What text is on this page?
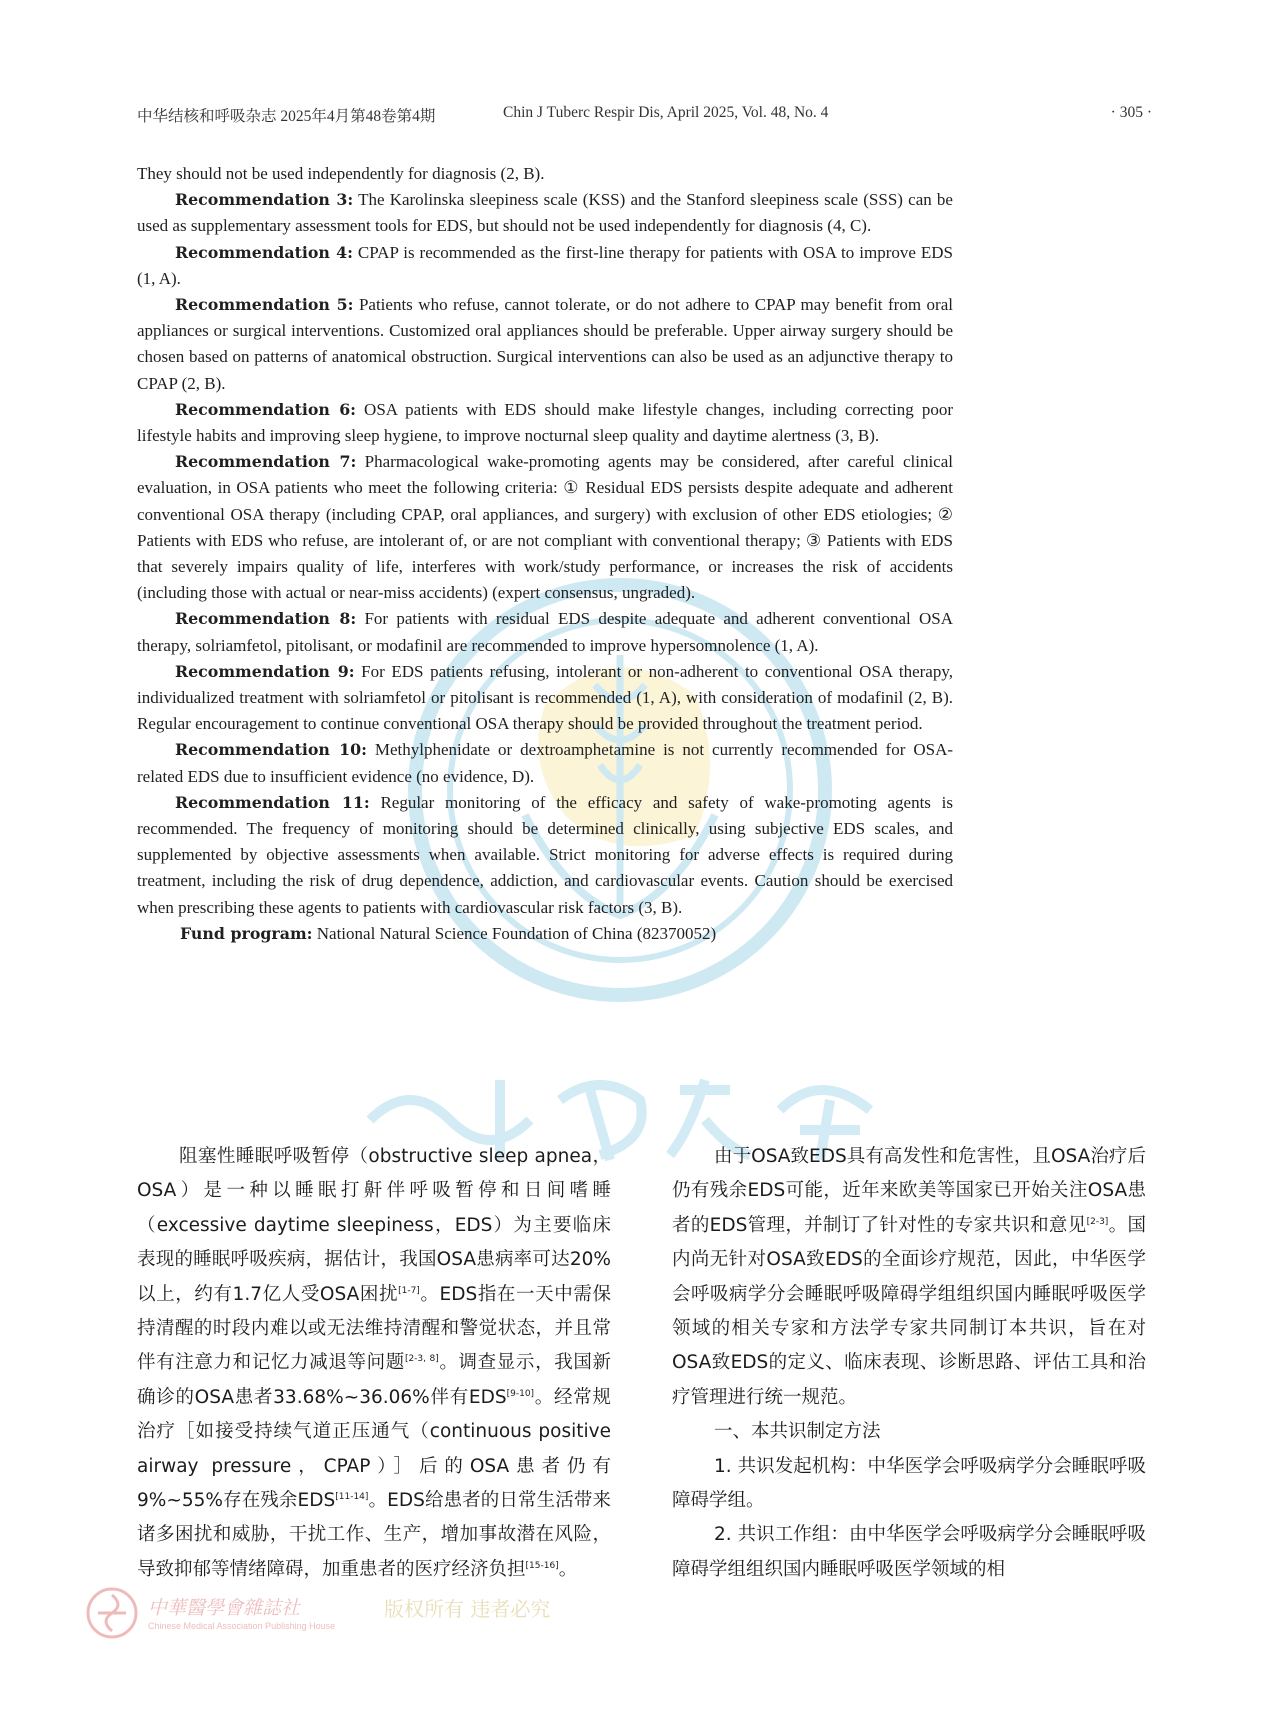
中华结核和呼吸杂志 2025年4月第48卷第4期	Chin J Tuberc Respir Dis, April 2025, Vol. 48, No. 4	· 305 ·

They should not be used independently for diagnosis (2, B).

Recommendation 3: The Karolinska sleepiness scale (KSS) and the Stanford sleepiness scale (SSS) can be used as supplementary assessment tools for EDS, but should not be used independently for diagnosis (4, C).

Recommendation 4: CPAP is recommended as the first-line therapy for patients with OSA to improve EDS (1, A).

Recommendation 5: Patients who refuse, cannot tolerate, or do not adhere to CPAP may benefit from oral appliances or surgical interventions. Customized oral appliances should be preferable. Upper airway surgery should be chosen based on patterns of anatomical obstruction. Surgical interventions can also be used as an adjunctive therapy to CPAP (2, B).

Recommendation 6: OSA patients with EDS should make lifestyle changes, including correcting poor lifestyle habits and improving sleep hygiene, to improve nocturnal sleep quality and daytime alertness (3, B).

Recommendation 7: Pharmacological wake-promoting agents may be considered, after careful clinical evaluation, in OSA patients who meet the following criteria: ① Residual EDS persists despite adequate and adherent conventional OSA therapy (including CPAP, oral appliances, and surgery) with exclusion of other EDS etiologies; ② Patients with EDS who refuse, are intolerant of, or are not compliant with conventional therapy; ③ Patients with EDS that severely impairs quality of life, interferes with work/study performance, or increases the risk of accidents (including those with actual or near-miss accidents) (expert consensus, ungraded).

Recommendation 8: For patients with residual EDS despite adequate and adherent conventional OSA therapy, solriamfetol, pitolisant, or modafinil are recommended to improve hypersomnolence (1, A).

Recommendation 9: For EDS patients refusing, intolerant or non-adherent to conventional OSA therapy, individualized treatment with solriamfetol or pitolisant is recommended (1, A), with consideration of modafinil (2, B). Regular encouragement to continue conventional OSA therapy should be provided throughout the treatment period.

Recommendation 10: Methylphenidate or dextroamphetamine is not currently recommended for OSA-related EDS due to insufficient evidence (no evidence, D).

Recommendation 11: Regular monitoring of the efficacy and safety of wake-promoting agents is recommended. The frequency of monitoring should be determined clinically, using subjective EDS scales, and supplemented by objective assessments when available. Strict monitoring for adverse effects is required during treatment, including the risk of drug dependence, addiction, and cardiovascular events. Caution should be exercised when prescribing these agents to patients with cardiovascular risk factors (3, B).

Fund program: National Natural Science Foundation of China (82370052)

阻塞性睡眠呼吸暂停（obstructive sleep apnea，OSA）是一种以睡眠打鼾伴呼吸暂停和日间嗜睡（excessive daytime sleepiness，EDS）为主要临床表现的睡眠呼吸疾病，据估计，我国OSA患病率可达20%以上，约有1.7亿人受OSA困扰[1-7]。EDS指在一天中需保持清醒的时段内难以或无法维持清醒和警觉状态，并且常伴有注意力和记忆力减退等问题[2-3, 8]。调查显示，我国新确诊的OSA患者33.68%~36.06%伴有EDS[9-10]。经常规治疗［如接受持续气道正压通气（continuous positive airway pressure，CPAP）］后的OSA患者仍有9%~55%存在残余EDS[11-14]。EDS给患者的日常生活带来诸多困扰和威胁，干扰工作、生产，增加事故潜在风险，导致抑郁等情绪障碍，加重患者的医疗经济负担[15-16]。

由于OSA致EDS具有高发性和危害性，且OSA治疗后仍有残余EDS可能，近年来欧美等国家已开始关注OSA患者的EDS管理，并制订了针对性的专家共识和意见[2-3]。国内尚无针对OSA致EDS的全面诊疗规范，因此，中华医学会呼吸病学分会睡眠呼吸障碍学组组织国内睡眠呼吸医学领域的相关专家和方法学专家共同制订本共识，旨在对OSA致EDS的定义、临床表现、诊断思路、评估工具和治疗管理进行统一规范。

一、本共识制定方法

1. 共识发起机构：中华医学会呼吸病学分会睡眠呼吸障碍学组。

2. 共识工作组：由中华医学会呼吸病学分会睡眠呼吸障碍学组组织国内睡眠呼吸医学领域的相

中華醫學會雜誌社
Chinese Medical Association Publishing House
版权所有 违者必究
